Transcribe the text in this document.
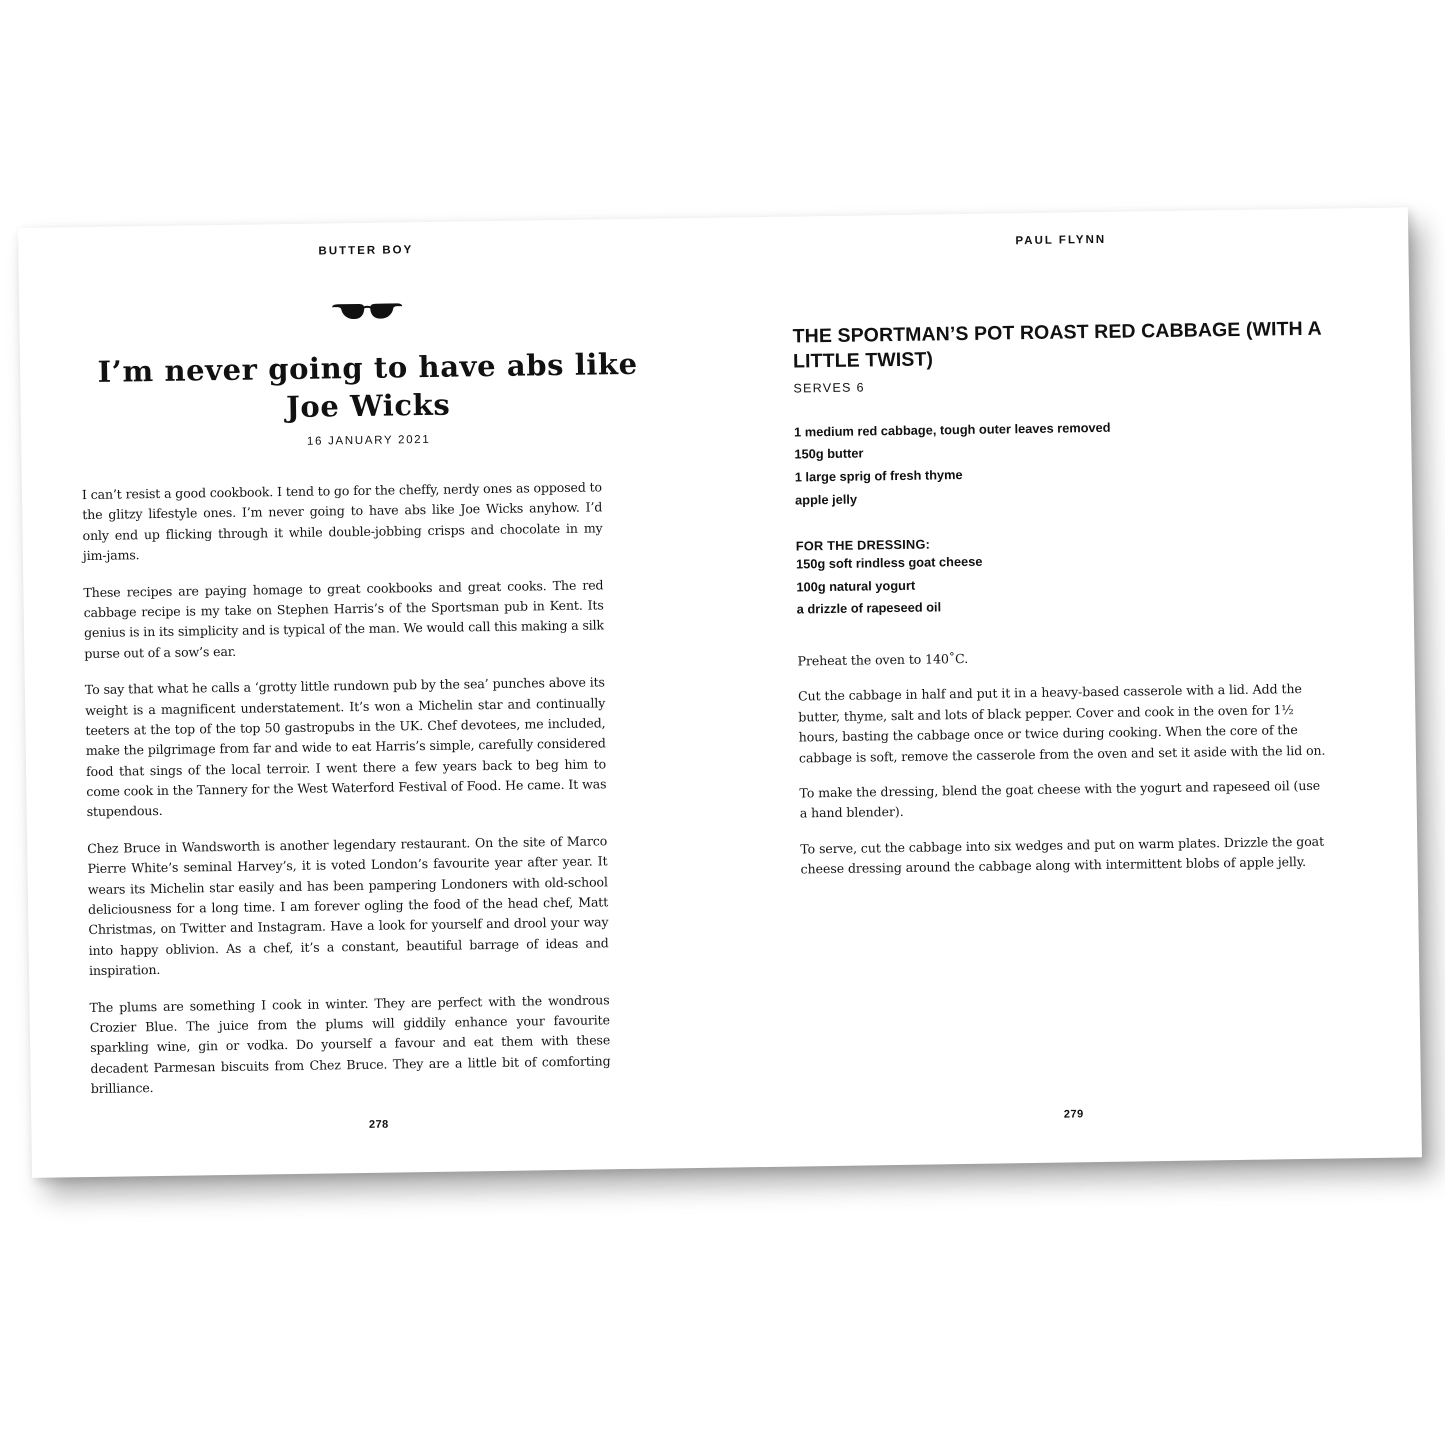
BUTTER BOY
I’m never going to have abs like Joe Wicks
16 JANUARY 2021

I can’t resist a good cookbook. I tend to go for the cheffy, nerdy ones as opposed to the glitzy lifestyle ones. I’m never going to have abs like Joe Wicks anyhow. I’d only end up flicking through it while double-jobbing crisps and chocolate in my jim-jams.

These recipes are paying homage to great cookbooks and great cooks. The red cabbage recipe is my take on Stephen Harris’s of the Sportsman pub in Kent. Its genius is in its simplicity and is typical of the man. We would call this making a silk purse out of a sow’s ear.

To say that what he calls a ‘grotty little rundown pub by the sea’ punches above its weight is a magnificent understatement. It’s won a Michelin star and continually teeters at the top of the top 50 gastropubs in the UK. Chef devotees, me included, make the pilgrimage from far and wide to eat Harris’s simple, carefully considered food that sings of the local terroir. I went there a few years back to beg him to come cook in the Tannery for the West Waterford Festival of Food. He came. It was stupendous.

Chez Bruce in Wandsworth is another legendary restaurant. On the site of Marco Pierre White’s seminal Harvey’s, it is voted London’s favourite year after year. It wears its Michelin star easily and has been pampering Londoners with old-school deliciousness for a long time. I am forever ogling the food of the head chef, Matt Christmas, on Twitter and Instagram. Have a look for yourself and drool your way into happy oblivion. As a chef, it’s a constant, beautiful barrage of ideas and inspiration.

The plums are something I cook in winter. They are perfect with the wondrous Crozier Blue. The juice from the plums will giddily enhance your favourite sparkling wine, gin or vodka. Do yourself a favour and eat them with these decadent Parmesan biscuits from Chez Bruce. They are a little bit of comforting brilliance.

278
PAUL FLYNN
THE SPORTMAN’S POT ROAST RED CABBAGE (WITH A LITTLE TWIST)
SERVES 6
1 medium red cabbage, tough outer leaves removed
150g butter
1 large sprig of fresh thyme
apple jelly
FOR THE DRESSING:
150g soft rindless goat cheese
100g natural yogurt
a drizzle of rapeseed oil

Preheat the oven to 140˚C.

Cut the cabbage in half and put it in a heavy-based casserole with a lid. Add the butter, thyme, salt and lots of black pepper. Cover and cook in the oven for 1½ hours, basting the cabbage once or twice during cooking. When the core of the cabbage is soft, remove the casserole from the oven and set it aside with the lid on.

To make the dressing, blend the goat cheese with the yogurt and rapeseed oil (use a hand blender).

To serve, cut the cabbage into six wedges and put on warm plates. Drizzle the goat cheese dressing around the cabbage along with intermittent blobs of apple jelly.

279
